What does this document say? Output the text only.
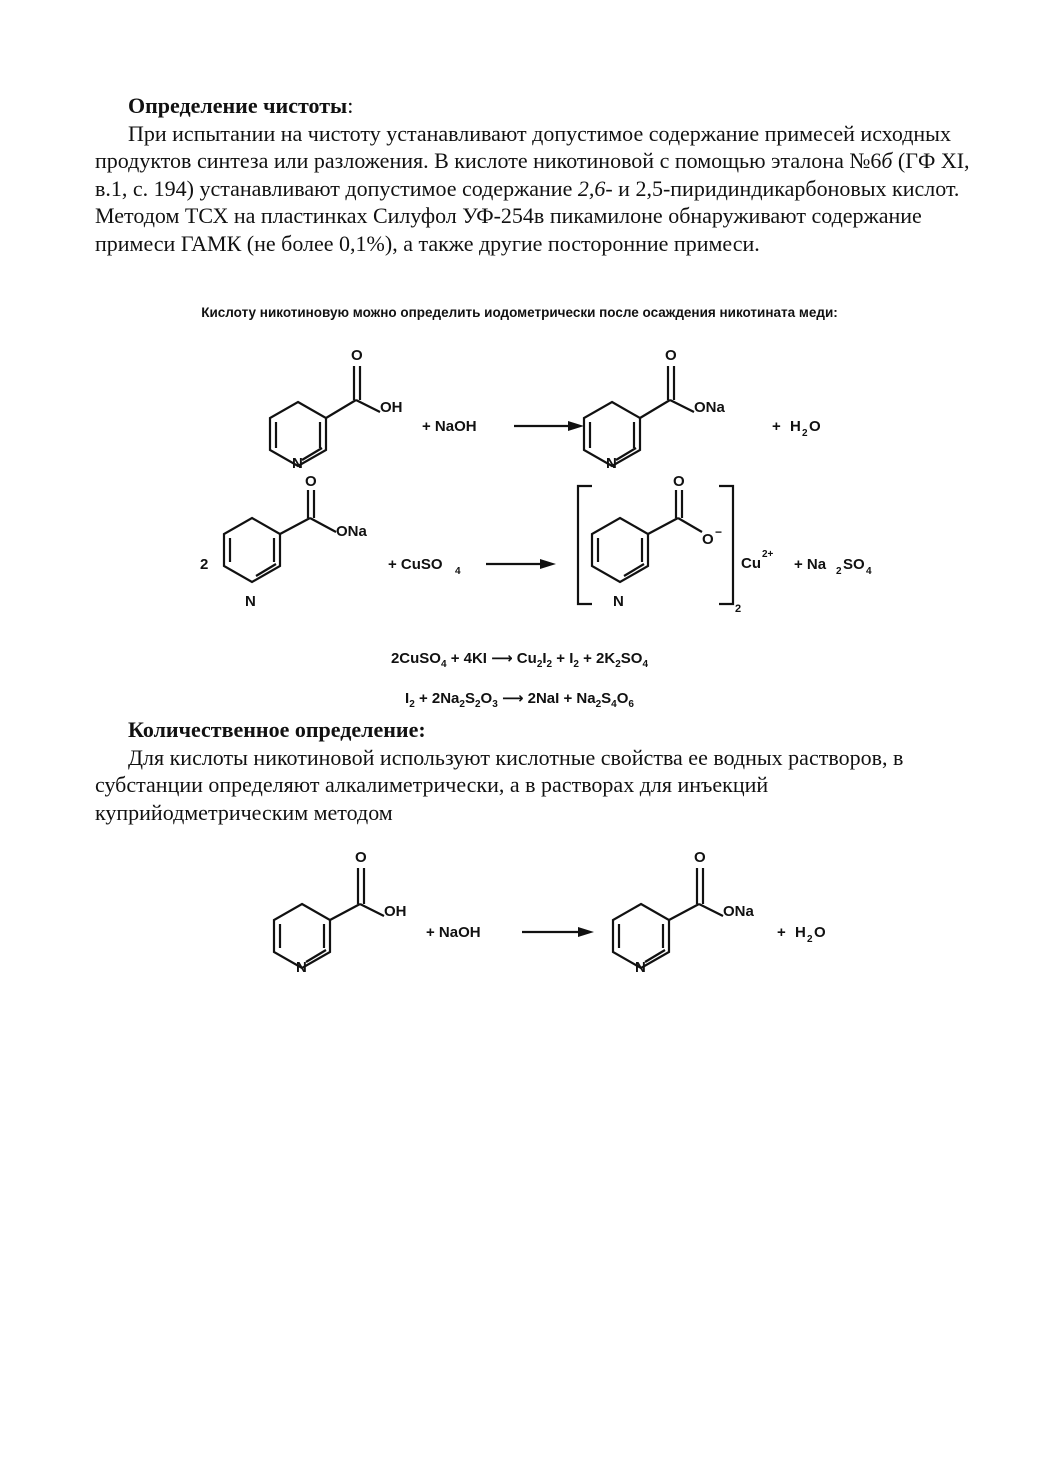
Определение чистоты:

При испытании на чистоту устанавливают допустимое содержание примесей исходных продуктов синтеза или разложения. В кислоте никотиновой с помощью эталона №6б (ГФ XI, в.1, с. 194) устанавливают допустимое содержание 2,6- и 2,5-пиридиндикарбоновых кислот. Методом ТСХ на пластинках Силуфол УФ-254в пикамилоне обнаруживают содержание примеси ГАМК (не более 0,1%), а также другие посторонние примеси.

Кислоту никотиновую можно определить иодометрически после осаждения никотината меди:
O
OH
N
+ NaOH
O
ONa
N
+ H 2 O
2
O
ONa
N
+ CuSO 4
O
O −
N	2
Cu
2+
+ Na 2 SO 4
2CuSO$_4$ + 4KI ⟶ $Cu_2I_2 + I_2 + 2K_2SO_4$
$I_2 + 2Na_2S_2O_3$ ⟶ $2NaI + Na_2S_4O_6$

Количественное определение:

Для кислоты никотиновой используют кислотные свойства ее водных растворов, в субстанции определяют алкалиметрически, а в растворах для инъекций куприйодметрическим методом

O
OH
N
+ NaOH
O
ONa
N
+ H 2 O
